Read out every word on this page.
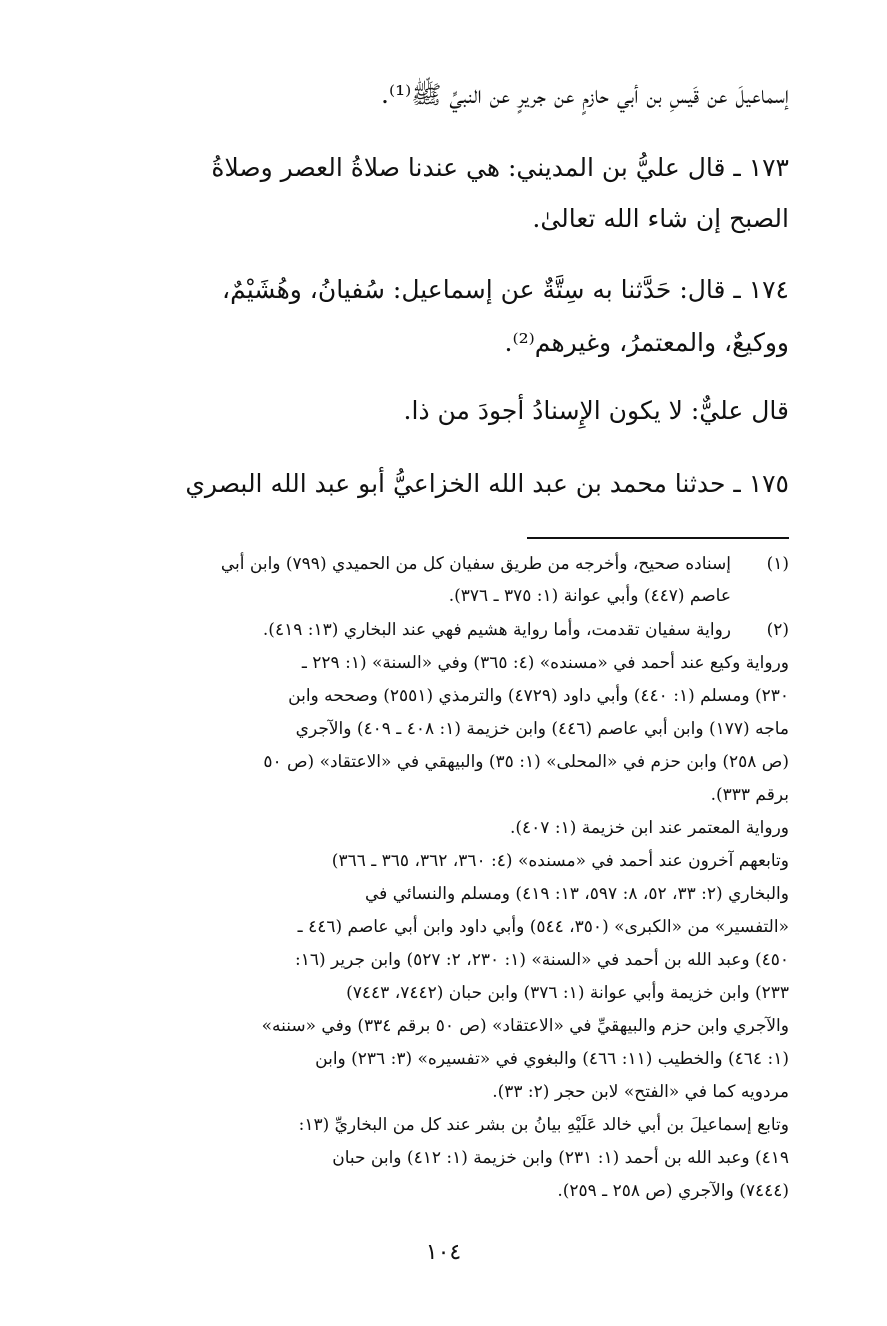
إسماعيلَ عن قَيسِ بن أبي حازمٍ عن جريرٍ عن النبيِّ ﷺ⁽¹⁾.
١٧٣ ـ قال عليُّ بن المديني: هي عندنا صلاةُ العصر وصلاةُ
الصبح إن شاء الله تعالىٰ.
١٧٤ ـ قال: حَدَّثنا به سِتَّةٌ عن إسماعيل: سُفيانُ، وهُشَيْمٌ،
ووكيعٌ، والمعتمرُ، وغيرهم⁽²⁾.
قال عليٌّ: لا يكون الإِسنادُ أجودَ من ذا.
١٧٥ ـ حدثنا محمد بن عبد الله الخزاعيُّ أبو عبد الله البصري
(١)
إسناده صحيح، وأخرجه من طريق سفيان كل من الحميدي (٧٩٩) وابن أبي
عاصم (٤٤٧) وأبي عوانة (١: ٣٧٥ ـ ٣٧٦).
(٢)
رواية سفيان تقدمت، وأما رواية هشيم فهي عند البخاري (١٣: ٤١٩).
ورواية وكيع عند أحمد في «مسنده» (٤: ٣٦٥) وفي «السنة» (١: ٢٢٩ ـ
٢٣٠) ومسلم (١: ٤٤٠) وأبي داود (٤٧٢٩) والترمذي (٢٥٥١) وصححه وابن
ماجه (١٧٧) وابن أبي عاصم (٤٤٦) وابن خزيمة (١: ٤٠٨ ـ ٤٠٩) والآجري
(ص ٢٥٨) وابن حزم في «المحلى» (١: ٣٥) والبيهقي في «الاعتقاد» (ص ٥٠
برقم ٣٣٣).
ورواية المعتمر عند ابن خزيمة (١: ٤٠٧).
وتابعهم آخرون عند أحمد في «مسنده» (٤: ٣٦٠، ٣٦٢، ٣٦٥ ـ ٣٦٦)
والبخاري (٢: ٣٣، ٥٢، ٨: ٥٩٧، ١٣: ٤١٩) ومسلم والنسائي في
«التفسير» من «الكبرى» (٣٥٠، ٥٤٤) وأبي داود وابن أبي عاصم (٤٤٦ ـ
٤٥٠) وعبد الله بن أحمد في «السنة» (١: ٢٣٠، ٢: ٥٢٧) وابن جرير (١٦:
٢٣٣) وابن خزيمة وأبي عوانة (١: ٣٧٦) وابن حبان (٧٤٤٢، ٧٤٤٣)
والآجري وابن حزم والبيهقيِّ في «الاعتقاد» (ص ٥٠ برقم ٣٣٤) وفي «سننه»
(١: ٤٦٤) والخطيب (١١: ٤٦٦) والبغوي في «تفسيره» (٣: ٢٣٦) وابن
مردويه كما في «الفتح» لابن حجر (٢: ٣٣).
وتابع إسماعيلَ بن أبي خالد عَلَيْهِ بيانُ بن بشر عند كل من البخاريِّ (١٣:
٤١٩) وعبد الله بن أحمد (١: ٢٣١) وابن خزيمة (١: ٤١٢) وابن حبان
(٧٤٤٤) والآجري (ص ٢٥٨ ـ ٢٥٩).
١٠٤
